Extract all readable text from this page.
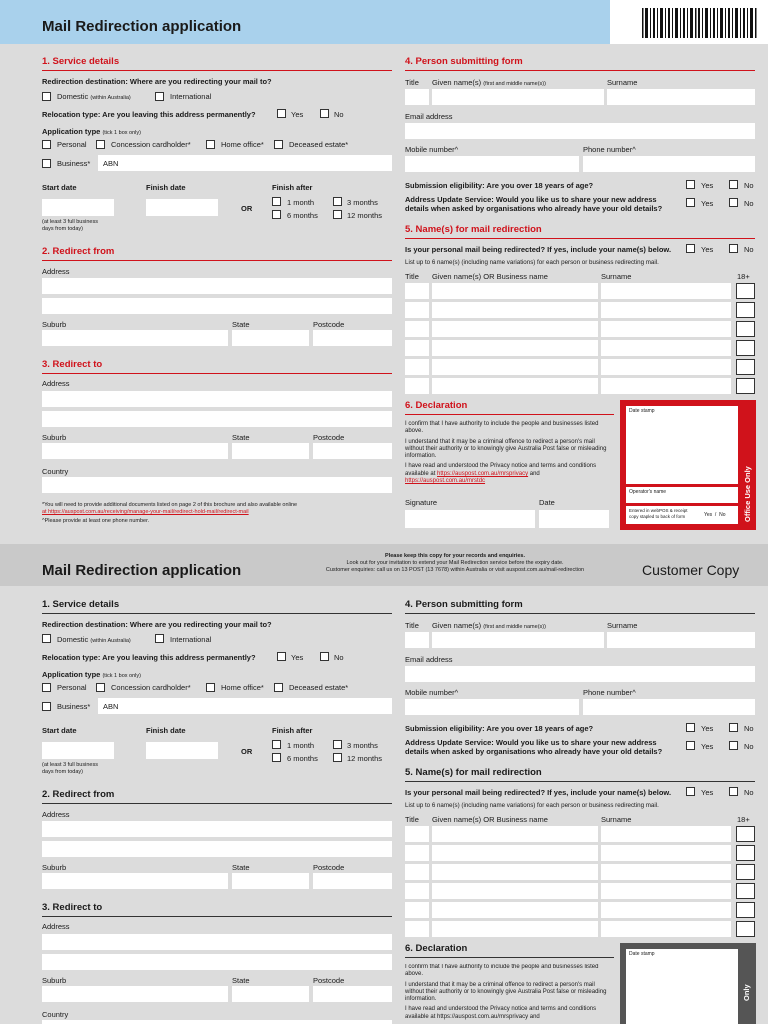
Mail Redirection application
1. Service details
Redirection destination: Where are you redirecting your mail to?
Domestic (within Australia)	International
Relocation type: Are you leaving this address permanently?	Yes	No
Application type (tick 1 box only)
Personal	Concession cardholder*	Home office*	Deceased estate*
Business* ABN
Start date	Finish date	Finish after
OR
1 month	3 months
6 months	12 months
(at least 3 full business
days from today)
2. Redirect from
Address
Suburb	State	Postcode
3. Redirect to
Address
Suburb	State	Postcode
Country
*You will need to provide additional documents listed on page 2 of this brochure and also available online
at https://auspost.com.au/receiving/manage-your-mail/redirect-hold-mail/redirect-mail
^Please provide at least one phone number.
4. Person submitting form
Title Given name(s) (first and middle name(s))	Surname
Email address
Mobile number^	Phone number^
Submission eligibility: Are you over 18 years of age?	Yes	No
Address Update Service: Would you like us to share your new address
details when asked by organisations who already have your old details?
Yes	No
5. Name(s) for mail redirection
Is your personal mail being redirected? If yes, include your name(s) below.	Yes	No
List up to 6 name(s) (including name variations) for each person or business redirecting mail.
Title Given name(s) OR Business name	Surname	18+
6. Declaration
I confirm that I have authority to include the people and businesses listed above.
I understand that it may be a criminal offence to redirect a person's mail without their authority or to knowingly give Australia Post false or misleading information.
I have read and understood the Privacy notice and terms and conditions available at https://auspost.com.au/mrsprivacy and https://auspost.com.au/mrstdc
Signature	Date
Date stamp
Operator's name
Entered in webPOS & receipt
copy stapled to back of form	Yes  /  No Office Use Only
Mail Redirection application
Please keep this copy for your records and enquiries.
Look out for your invitation to extend your Mail Redirection service before the expiry date.
Customer enquiries: call us on 13 POST (13 7678) within Australia or visit auspost.com.au/mail-redirection	Customer Copy
1. Service details
Redirection destination: Where are you redirecting your mail to?
Domestic (within Australia)	International
Relocation type: Are you leaving this address permanently?	Yes	No
Application type (tick 1 box only)
Personal	Concession cardholder*	Home office*	Deceased estate*
Business* ABN
Start date	Finish date	Finish after
OR
1 month	3 months
6 months	12 months
(at least 3 full business
days from today)
2. Redirect from
Address
Suburb	State	Postcode
3. Redirect to
Address
Suburb	State	Postcode
Country
4. Person submitting form
Title Given name(s) (first and middle name(s))	Surname
Email address
Mobile number^	Phone number^
Submission eligibility: Are you over 18 years of age?	Yes	No
Address Update Service: Would you like us to share your new address
details when asked by organisations who already have your old details?
Yes	No
5. Name(s) for mail redirection
Is your personal mail being redirected? If yes, include your name(s) below.	Yes	No
List up to 6 name(s) (including name variations) for each person or business redirecting mail.
Title Given name(s) OR Business name	Surname	18+
6. Declaration
I confirm that I have authority to include the people and businesses listed above.
I understand that it may be a criminal offence to redirect a person's mail without their authority or to knowingly give Australia Post false or misleading information.
I have read and understood the Privacy notice and terms and conditions available at https://auspost.com.au/mrsprivacy and
Date stamp
Only
